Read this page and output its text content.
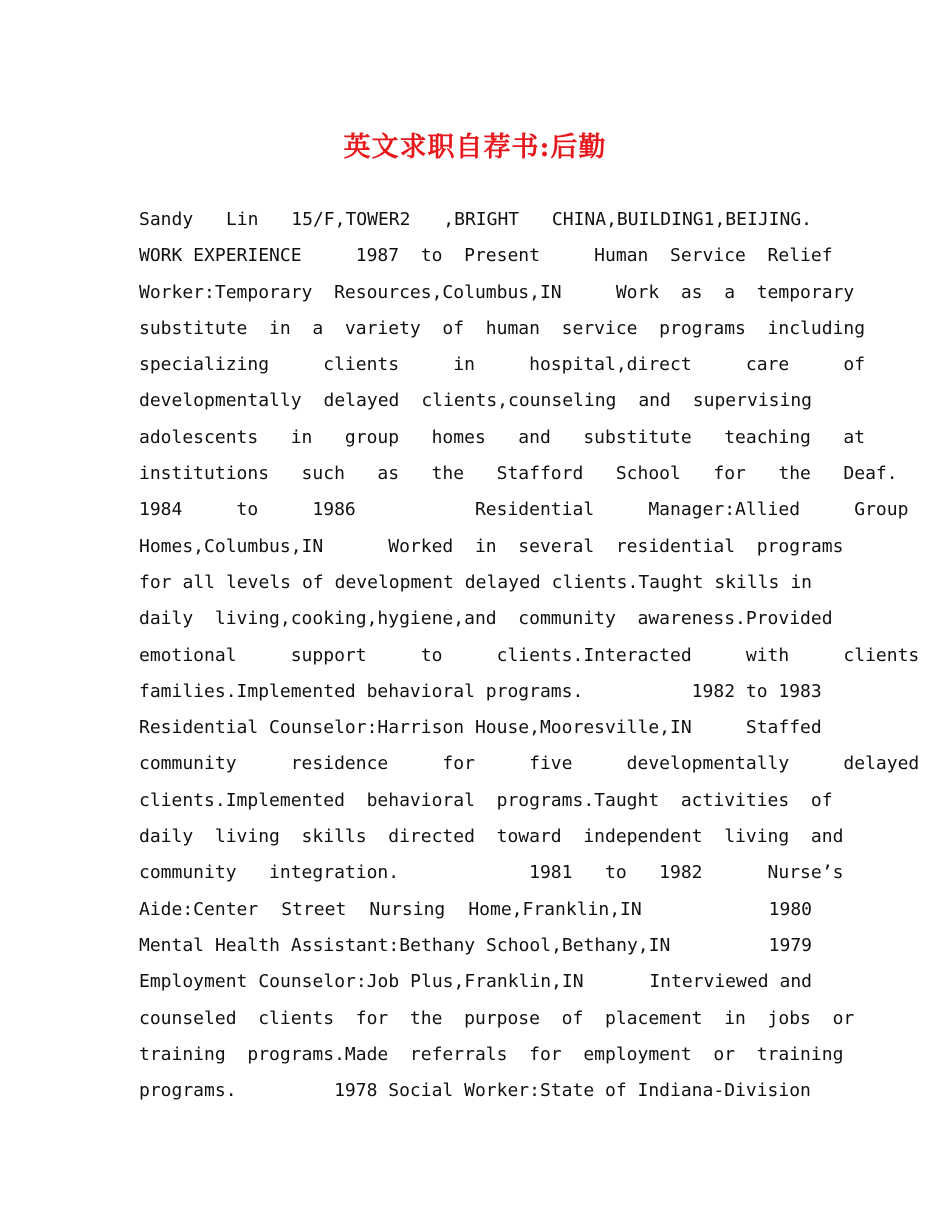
英文求职自荐书:后勤
Sandy   Lin   15/F,TOWER2   ,BRIGHT   CHINA,BUILDING1,BEIJING.
WORK EXPERIENCE     1987  to  Present     Human  Service  Relief
Worker:Temporary  Resources,Columbus,IN     Work  as  a  temporary
substitute  in  a  variety  of  human  service  programs  including
specializing     clients     in     hospital,direct     care     of
developmentally  delayed  clients,counseling  and  supervising
adolescents   in   group   homes   and   substitute   teaching   at
institutions   such   as   the   Stafford   School   for   the   Deaf.
1984     to     1986           Residential     Manager:Allied     Group
Homes,Columbus,IN      Worked  in  several  residential  programs
for all levels of development delayed clients.Taught skills in
daily  living,cooking,hygiene,and  community  awareness.Provided
emotional     support     to     clients.Interacted     with     clients
families.Implemented behavioral programs.          1982 to 1983
Residential Counselor:Harrison House,Mooresville,IN     Staffed
community     residence     for     five     developmentally     delayed
clients.Implemented  behavioral  programs.Taught  activities  of
daily  living  skills  directed  toward  independent  living  and
community   integration.            1981   to   1982      Nurse’s
Aide:Center  Street  Nursing  Home,Franklin,IN           1980
Mental Health Assistant:Bethany School,Bethany,IN         1979
Employment Counselor:Job Plus,Franklin,IN      Interviewed and
counseled  clients  for  the  purpose  of  placement  in  jobs  or
training  programs.Made  referrals  for  employment  or  training
programs.         1978 Social Worker:State of Indiana-Division
